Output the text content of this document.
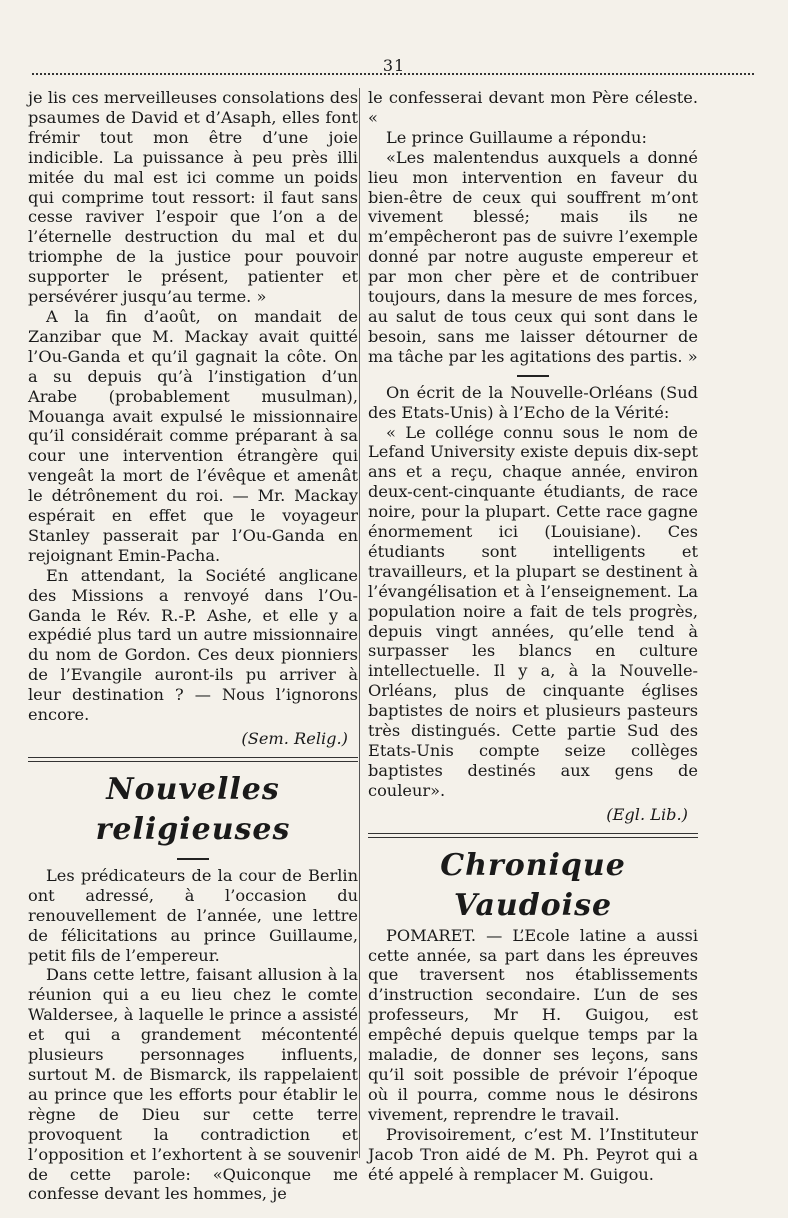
31

je lis ces merveilleuses consolations des psaumes de David et d’Asaph, elles font frémir tout mon être d’une joie indicible. La puissance à peu près illi mitée du mal est ici comme un poids qui comprime tout ressort: il faut sans cesse raviver l’espoir que l’on a de l’éternelle destruction du mal et du triomphe de la justice pour pouvoir supporter le présent, patienter et persévérer jusqu’au terme. »

A la fin d’août, on mandait de Zanzibar que M. Mackay avait quitté l’Ou-Ganda et qu’il gagnait la côte. On a su depuis qu’à l’instigation d’un Arabe (probablement musulman), Mouanga avait expulsé le missionnaire qu’il considérait comme préparant à sa cour une intervention étrangère qui vengeât la mort de l’évêque et amenât le détrônement du roi. — Mr. Mackay espérait en effet que le voyageur Stanley passerait par l’Ou-Ganda en rejoignant Emin-Pacha.

En attendant, la Société anglicane des Missions a renvoyé dans l’Ou-Ganda le Rév. R.-P. Ashe, et elle y a expédié plus tard un autre missionnaire du nom de Gordon. Ces deux pionniers de l’Evangile auront-ils pu arriver à leur destination ? — Nous l’ignorons encore.

(Sem. Relig.)
Nouvelles religieuses

Les prédicateurs de la cour de Berlin ont adressé, à l’occasion du renouvellement de l’année, une lettre de félicitations au prince Guillaume, petit fils de l’empereur.

Dans cette lettre, faisant allusion à la réunion qui a eu lieu chez le comte Waldersee, à laquelle le prince a assisté et qui a grandement mécontenté plusieurs personnages influents, surtout M. de Bismarck, ils rappelaient au prince que les efforts pour établir le règne de Dieu sur cette terre provoquent la contradiction et l’opposition et l’exhortent à se souvenir de cette parole: «Quiconque me confesse devant les hommes, je

le confesserai devant mon Père céleste. «

Le prince Guillaume a répondu:

«Les malentendus auxquels a donné lieu mon intervention en faveur du bien-être de ceux qui souffrent m’ont vivement blessé; mais ils ne m’empêcheront pas de suivre l’exemple donné par notre auguste empereur et par mon cher père et de contribuer toujours, dans la mesure de mes forces, au salut de tous ceux qui sont dans le besoin, sans me laisser détourner de ma tâche par les agitations des partis. »

On écrit de la Nouvelle-Orléans (Sud des Etats-Unis) à l’Echo de la Vérité:

« Le collége connu sous le nom de Lefand University existe depuis dix-sept ans et a reçu, chaque année, environ deux-cent-cinquante étudiants, de race noire, pour la plupart. Cette race gagne énormement ici (Louisiane). Ces étudiants sont intelligents et travailleurs, et la plupart se destinent à l’évangélisation et à l’enseignement. La population noire a fait de tels progrès, depuis vingt années, qu’elle tend à surpasser les blancs en culture intellectuelle. Il y a, à la Nouvelle-Orléans, plus de cinquante églises baptistes de noirs et plusieurs pasteurs très distingués. Cette partie Sud des Etats-Unis compte seize collèges baptistes destinés aux gens de couleur».

(Egl. Lib.)
Chronique Vaudoise

POMARET. — L’Ecole latine a aussi cette année, sa part dans les épreuves que traversent nos établissements d’instruction secondaire. L’un de ses professeurs, Mr H. Guigou, est empêché depuis quelque temps par la maladie, de donner ses leçons, sans qu’il soit possible de prévoir l’époque où il pourra, comme nous le désirons vivement, reprendre le travail.

Provisoirement, c’est M. l’Instituteur Jacob Tron aidé de M. Ph. Peyrot qui a été appelé à remplacer M. Guigou.
